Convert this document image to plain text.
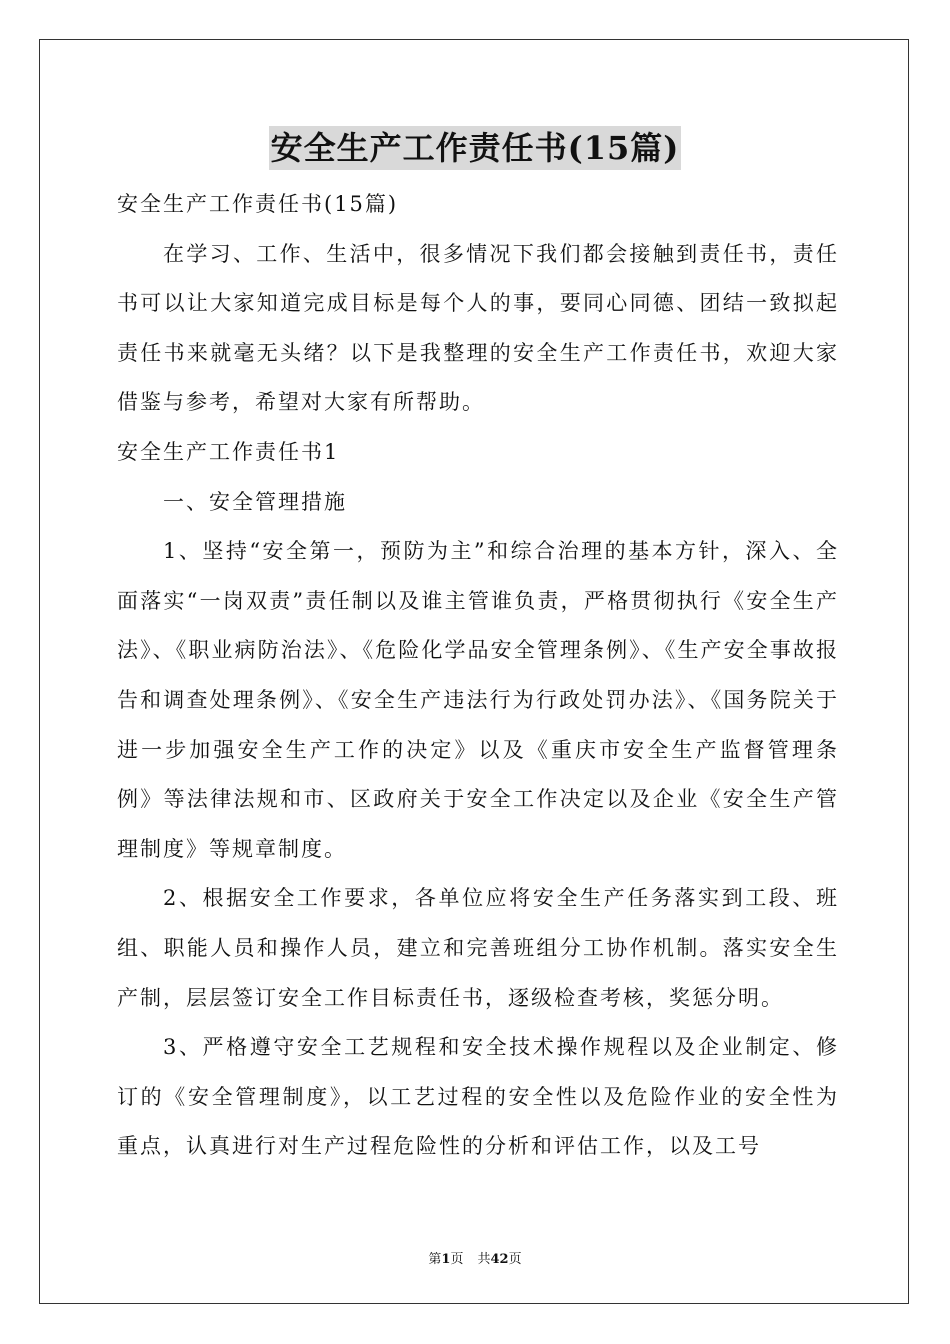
安全生产工作责任书(15篇)

安全生产工作责任书(15篇)

在学习、工作、生活中，很多情况下我们都会接触到责任书，责任书可以让大家知道完成目标是每个人的事，要同心同德、团结一致拟起责任书来就毫无头绪？以下是我整理的安全生产工作责任书，欢迎大家借鉴与参考，希望对大家有所帮助。

安全生产工作责任书1

一、安全管理措施

1、坚持“安全第一，预防为主”和综合治理的基本方针，深入、全面落实“一岗双责”责任制以及谁主管谁负责，严格贯彻执行《安全生产法》、《职业病防治法》、《危险化学品安全管理条例》、《生产安全事故报告和调查处理条例》、《安全生产违法行为行政处罚办法》、《国务院关于进一步加强安全生产工作的决定》以及《重庆市安全生产监督管理条例》等法律法规和市、区政府关于安全工作决定以及企业《安全生产管理制度》等规章制度。

2、根据安全工作要求，各单位应将安全生产任务落实到工段、班组、职能人员和操作人员，建立和完善班组分工协作机制。落实安全生产制，层层签订安全工作目标责任书，逐级检查考核，奖惩分明。

3、严格遵守安全工艺规程和安全技术操作规程以及企业制定、修订的《安全管理制度》，以工艺过程的安全性以及危险作业的安全性为重点，认真进行对生产过程危险性的分析和评估工作，以及工号

第1页 共42页
